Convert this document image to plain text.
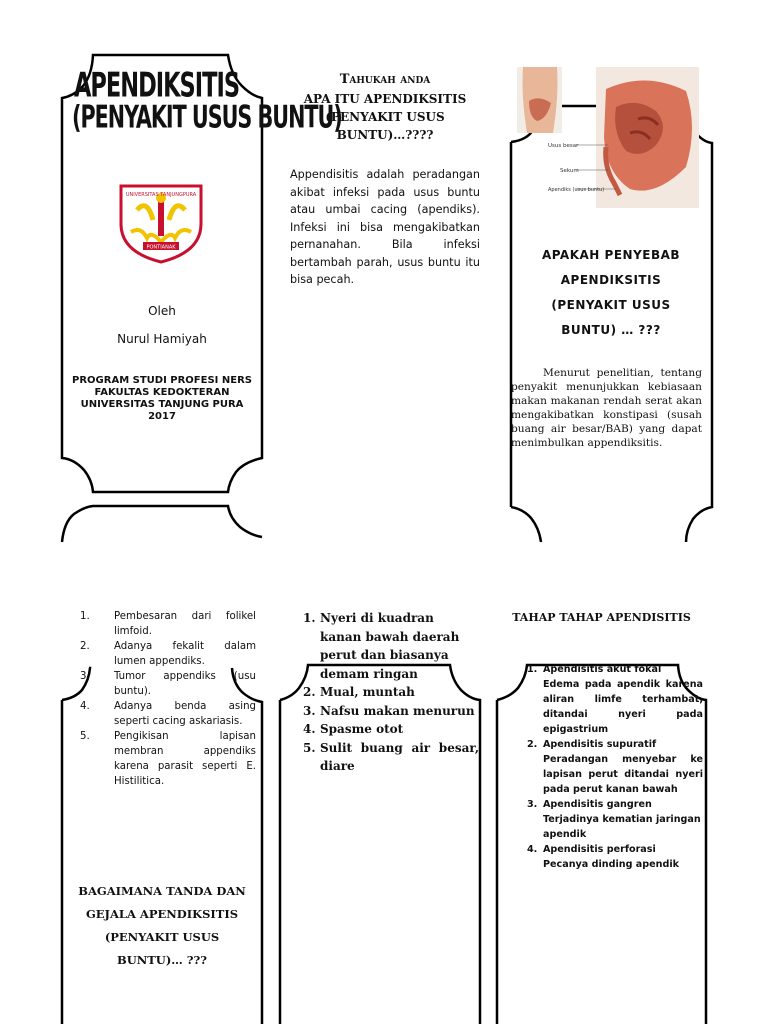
APENDIKSITIS
(PENYAKIT USUS BUNTU)
UNIVERSITAS TANJUNGPURA
PONTIANAK
Oleh
Nurul Hamiyah
PROGRAM STUDI PROFESI NERS FAKULTAS KEDOKTERAN UNIVERSITAS TANJUNG PURA 2017
Tahukah anda
APA ITU APENDIKSITIS
(PENYAKIT USUS
BUNTU)…????
Appendisitis adalah peradangan akibat infeksi pada usus buntu atau umbai cacing (apendiks). Infeksi ini bisa mengakibatkan pernanahan. Bila infeksi bertambah parah, usus buntu itu bisa pecah.
Usus besar
Sekum
Apendiks (usus buntu)
APAKAH PENYEBAB
APENDIKSITIS
(PENYAKIT USUS
BUNTU) … ???
Menurut penelitian, tentang penyakit menunjukkan kebiasaan makan makanan rendah serat akan mengakibatkan konstipasi (susah buang air besar/BAB) yang dapat menimbulkan appendiksitis.
1.	Pembesaran dari folikel limfoid.
2.	Adanya fekalit dalam lumen appendiks.
3.	Tumor appendiks (usu buntu).
4.	Adanya benda asing seperti cacing askariasis.
5.	Pengikisan lapisan membran appendiks karena parasit seperti E. Histilitica.
BAGAIMANA TANDA DAN
GEJALA APENDIKSITIS
(PENYAKIT USUS
BUNTU)… ???
1. Nyeri di kuadran kanan bawah daerah perut dan biasanya demam ringan
2. Mual, muntah
3. Nafsu makan menurun
4. Spasme otot
5. Sulit buang air besar, diare
TAHAP TAHAP APENDISITIS
1. Apendisitis akut fokal

Edema pada apendik karena aliran limfe terhambat, ditandai nyeri pada epigastrium
2. Apendisitis supuratif

Peradangan menyebar ke lapisan perut ditandai nyeri pada perut kanan bawah
3. Apendisitis gangren

Terjadinya kematian jaringan apendik
4. Apendisitis perforasi

Pecanya dinding apendik
